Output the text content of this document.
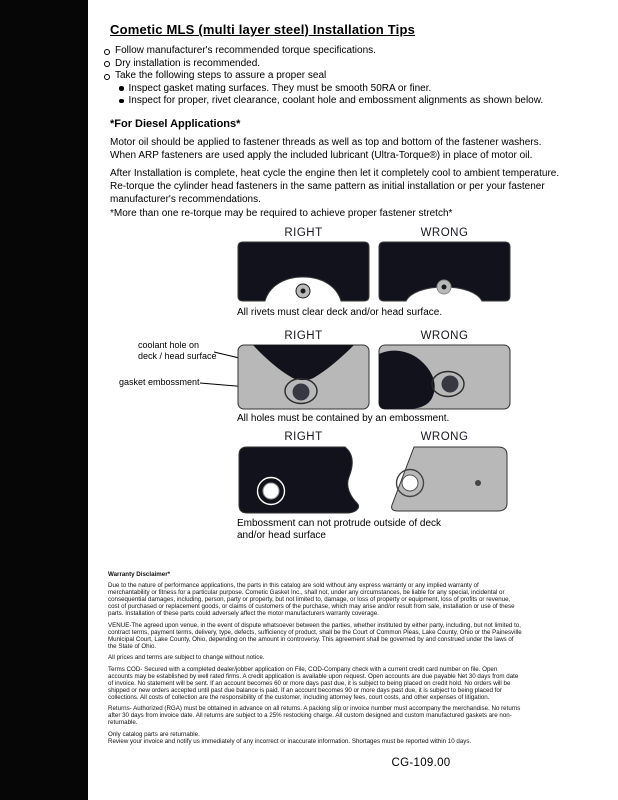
Cometic MLS (multi layer steel) Installation Tips
Follow manufacturer's recommended torque specifications.
Dry installation is recommended.
Take the following steps to assure a proper seal
Inspect gasket mating surfaces. They must be smooth 50RA or finer.
Inspect for proper, rivet clearance, coolant hole and embossment alignments as shown below.
*For Diesel Applications*
Motor oil should be applied to fastener threads as well as top and bottom of the fastener washers. When ARP fasteners are used apply the included lubricant (Ultra-Torque®) in place of motor oil.
After Installation is complete, heat cycle the engine then let it completely cool to ambient temperature. Re-torque the cylinder head fasteners in the same pattern as initial installation or per your fastener manufacturer's recommendations.
*More than one re-torque may be required to achieve proper fastener stretch*
RIGHT	WRONG
All rivets must clear deck and/or head surface.
RIGHT	WRONG
coolant hole on
deck / head surface
gasket embossment
All holes must be contained by an embossment.
RIGHT	WRONG
Embossment can not protrude outside of deck
and/or head surface
Warranty Disclaimer*
Due to the nature of performance applications, the parts in this catalog are sold without any express warranty or any implied warranty of merchantability or fitness for a particular purpose. Cometic Gasket Inc., shall not, under any circumstances, be liable for any special, incidental or consequential damages, including, person, party or property, but not limited to, damage, or loss of property or equipment, loss of profits or revenue, cost of purchased or replacement goods, or claims of customers of the purchase, which may arise and/or result from sale, installation or use of these parts. Installation of these parts could adversely affect the motor manufacturers warranty coverage.
VENUE-The agreed upon venue, in the event of dispute whatsoever between the parties, whether instituted by either party, including, but not limited to, contract terms, payment terms, delivery, type, defects, sufficiency of product, shall be the Court of Common Pleas, Lake County, Ohio or the Painesville Municipal Court, Lake County, Ohio, depending on the amount in controversy. This agreement shall be governed by and construed under the laws of the State of Ohio.
All prices and terms are subject to change without notice.
Terms COD- Secured with a completed dealer/jobber application on File, COD-Company check with a current credit card number on file. Open accounts may be established by well rated firms. A credit application is available upon request. Open accounts are due payable Net 30 days from date of invoice. No statement will be sent. If an account becomes 60 or more days past due, it is subject to being placed on credit hold. No orders will be shipped or new orders accepted until past due balance is paid. If an account becomes 90 or more days past due, it is subject to being placed for collections. All costs of collection are the responsibility of the customer, including attorney fees, court costs, and other expenses of litigation.
Returns- Authorized (RGA) must be obtained in advance on all returns. A packing slip or invoice number must accompany the merchandise. No returns after 30 days from invoice date. All returns are subject to a 25% restocking charge. All custom designed and custom manufactured gaskets are non-returnable.
Only catalog parts are returnable.
Review your invoice and notify us immediately of any incorrect or inaccurate information. Shortages must be reported within 10 days.
CG-109.00
